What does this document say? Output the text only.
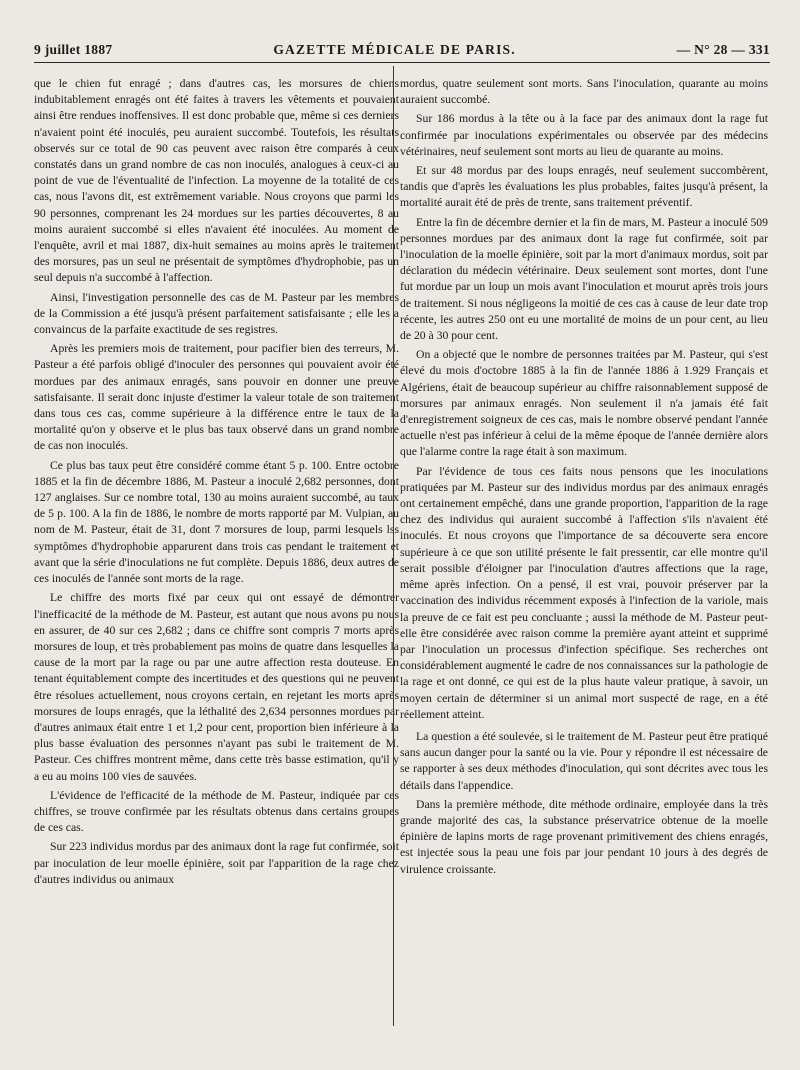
9 juillet 1887	GAZETTE MÉDICALE DE PARIS.	— N° 28 — 331

que le chien fut enragé ; dans d'autres cas, les morsures de chiens indubitablement enragés ont été faites à travers les vêtements et pouvaient ainsi être rendues inoffensives. Il est donc probable que, même si ces derniers n'avaient point été inoculés, peu auraient succombé. Toutefois, les résultats observés sur ce total de 90 cas peuvent avec raison être comparés à ceux constatés dans un grand nombre de cas non inoculés, analogues à ceux-ci au point de vue de l'éventualité de l'infection. La moyenne de la totalité de ces cas, nous l'avons dit, est extrêmement variable. Nous croyons que parmi les 90 personnes, comprenant les 24 mordues sur les parties découvertes, 8 au moins auraient succombé si elles n'avaient été inoculées. Au moment de l'enquête, avril et mai 1887, dix-huit semaines au moins après le traitement des morsures, pas un seul ne présentait de symptômes d'hydrophobie, pas un seul depuis n'a succombé à l'affection.

Ainsi, l'investigation personnelle des cas de M. Pasteur par les membres de la Commission a été jusqu'à présent parfaitement satisfaisante ; elle les a convaincus de la parfaite exactitude de ses registres.

Après les premiers mois de traitement, pour pacifier bien des terreurs, M. Pasteur a été parfois obligé d'inoculer des personnes qui pouvaient avoir été mordues par des animaux enragés, sans pouvoir en donner une preuve satisfaisante. Il serait donc injuste d'estimer la valeur totale de son traitement dans tous ces cas, comme supérieure à la différence entre le taux de la mortalité qu'on y observe et le plus bas taux observé dans un grand nombre de cas non inoculés.

Ce plus bas taux peut être considéré comme étant 5 p. 100. Entre octobre 1885 et la fin de décembre 1886, M. Pasteur a inoculé 2,682 personnes, dont 127 anglaises. Sur ce nombre total, 130 au moins auraient succombé, au taux de 5 p. 100. A la fin de 1886, le nombre de morts rapporté par M. Vulpian, au nom de M. Pasteur, était de 31, dont 7 morsures de loup, parmi lesquels lss symptômes d'hydrophobie apparurent dans trois cas pendant le traitement et avant que la série d'inoculations ne fut complète. Depuis 1886, deux autres de ces inoculés de l'année sont morts de la rage.

Le chiffre des morts fixé par ceux qui ont essayé de démontrer l'inefficacité de la méthode de M. Pasteur, est autant que nous avons pu nous en assurer, de 40 sur ces 2,682 ; dans ce chiffre sont compris 7 morts après morsures de loup, et très probablement pas moins de quatre dans lesquelles la cause de la mort par la rage ou par une autre affection resta douteuse. En tenant équitablement compte des incertitudes et des questions qui ne peuvent être résolues actuellement, nous croyons certain, en rejetant les morts après morsures de loups enragés, que la léthalité des 2,634 personnes mordues par d'autres animaux était entre 1 et 1,2 pour cent, proportion bien inférieure à la plus basse évaluation des personnes n'ayant pas subi le traitement de M. Pasteur. Ces chiffres montrent même, dans cette très basse estimation, qu'il y a eu au moins 100 vies de sauvées.

L'évidence de l'efficacité de la méthode de M. Pasteur, indiquée par ces chiffres, se trouve confirmée par les résultats obtenus dans certains groupes de ces cas.

Sur 223 individus mordus par des animaux dont la rage fut confirmée, soit par inoculation de leur moelle épinière, soit par l'apparition de la rage chez d'autres individus ou animaux

mordus, quatre seulement sont morts. Sans l'inoculation, quarante au moins auraient succombé.

Sur 186 mordus à la tête ou à la face par des animaux dont la rage fut confirmée par inoculations expérimentales ou observée par des médecins vétérinaires, neuf seulement sont morts au lieu de quarante au moins.

Et sur 48 mordus par des loups enragés, neuf seulement succombèrent, tandis que d'après les évaluations les plus probables, faites jusqu'à présent, la mortalité aurait été de près de trente, sans traitement préventif.

Entre la fin de décembre dernier et la fin de mars, M. Pasteur a inoculé 509 personnes mordues par des animaux dont la rage fut confirmée, soit par l'inoculation de la moelle épinière, soit par la mort d'animaux mordus, soit par déclaration du médecin vétérinaire. Deux seulement sont mortes, dont l'une fut mordue par un loup un mois avant l'inoculation et mourut après trois jours de traitement. Si nous négligeons la moitié de ces cas à cause de leur date trop récente, les autres 250 ont eu une mortalité de moins de un pour cent, au lieu de 20 à 30 pour cent.

On a objecté que le nombre de personnes traitées par M. Pasteur, qui s'est élevé du mois d'octobre 1885 à la fin de l'année 1886 à 1.929 Français et Algériens, était de beaucoup supérieur au chiffre raisonnablement supposé de morsures par animaux enragés. Non seulement il n'a jamais été fait d'enregistrement soigneux de ces cas, mais le nombre observé pendant l'année actuelle n'est pas inférieur à celui de la même époque de l'année dernière alors que l'alarme contre la rage était à son maximum.

Par l'évidence de tous ces faits nous pensons que les inoculations pratiquées par M. Pasteur sur des individus mordus par des animaux enragés ont certainement empêché, dans une grande proportion, l'apparition de la rage chez des individus qui auraient succombé à l'affection s'ils n'avaient été inoculés. Et nous croyons que l'importance de sa découverte sera encore supérieure à ce que son utilité présente le fait pressentir, car elle montre qu'il serait possible d'éloigner par l'inoculation d'autres affections que la rage, même après infection. On a pensé, il est vrai, pouvoir préserver par la vaccination des individus récemment exposés à l'infection de la variole, mais la preuve de ce fait est peu concluante ; aussi la méthode de M. Pasteur peut-elle être considérée avec raison comme la première ayant atteint et supprimé par l'inoculation un processus d'infection spécifique. Ses recherches ont considérablement augmenté le cadre de nos connaissances sur la pathologie de la rage et ont donné, ce qui est de la plus haute valeur pratique, à savoir, un moyen certain de déterminer si un animal mort suspecté de rage, en a été réellement atteint.

La question a été soulevée, si le traitement de M. Pasteur peut être pratiqué sans aucun danger pour la santé ou la vie. Pour y répondre il est nécessaire de se rapporter à ses deux méthodes d'inoculation, qui sont décrites avec tous les détails dans l'appendice.

Dans la première méthode, dite méthode ordinaire, employée dans la très grande majorité des cas, la substance préservatrice obtenue de la moelle épinière de lapins morts de rage provenant primitivement des chiens enragés, est injectée sous la peau une fois par jour pendant 10 jours à des degrés de virulence croissante.
